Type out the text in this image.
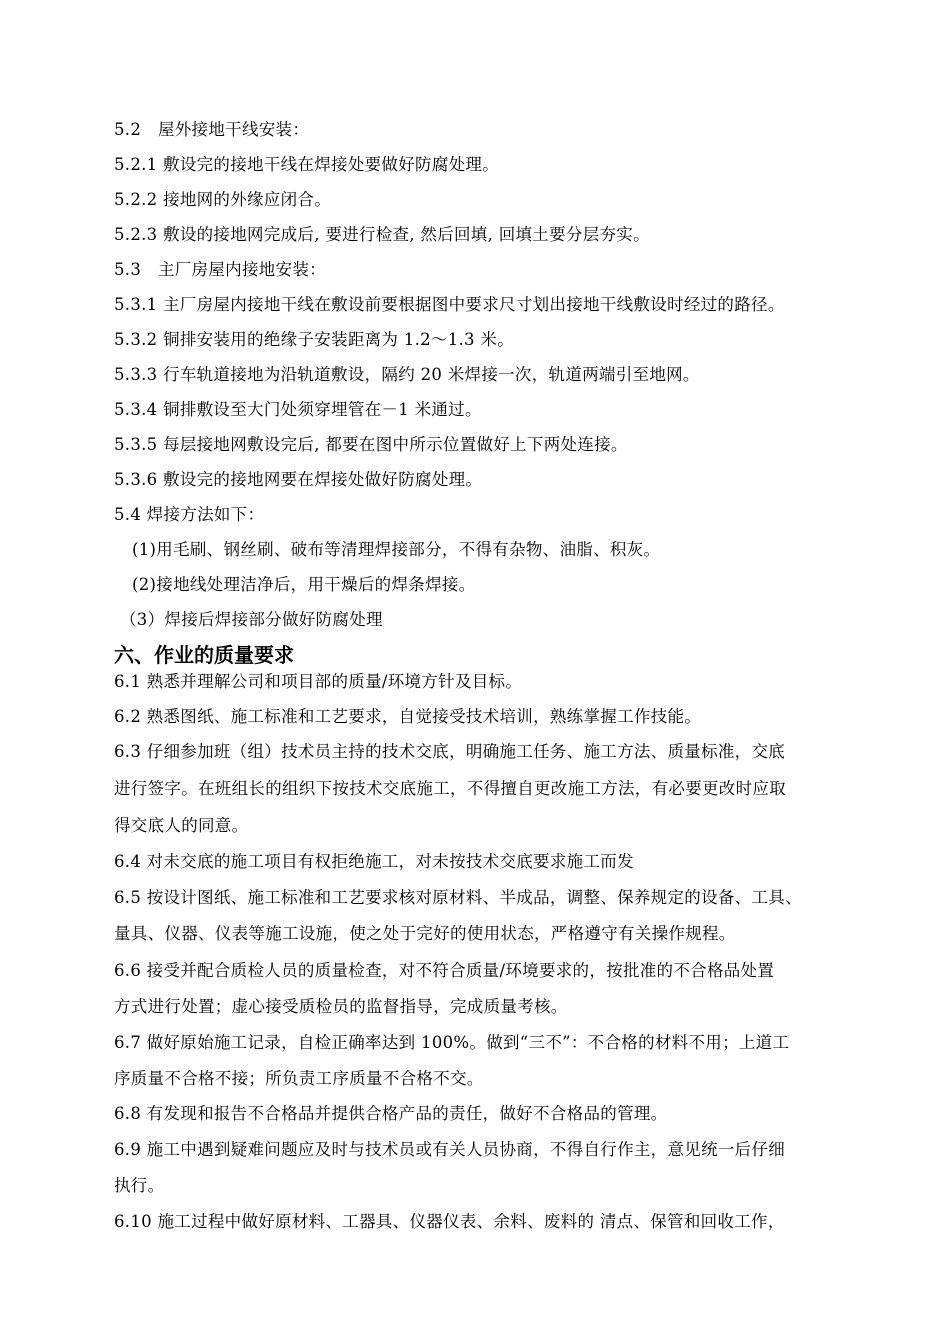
5.2　屋外接地干线安装：
5.2.1 敷设完的接地干线在焊接处要做好防腐处理。
5.2.2 接地网的外缘应闭合。
5.2.3 敷设的接地网完成后, 要进行检查, 然后回填, 回填土要分层夯实。
5.3　主厂房屋内接地安装：
5.3.1 主厂房屋内接地干线在敷设前要根据图中要求尺寸划出接地干线敷设时经过的路径。
5.3.2 铜排安装用的绝缘子安装距离为 1.2～1.3 米。
5.3.3 行车轨道接地为沿轨道敷设，隔约 20 米焊接一次，轨道两端引至地网。
5.3.4 铜排敷设至大门处须穿埋管在－1 米通过。
5.3.5 每层接地网敷设完后, 都要在图中所示位置做好上下两处连接。
5.3.6 敷设完的接地网要在焊接处做好防腐处理。
5.4 焊接方法如下：
(1)用毛刷、钢丝刷、破布等清理焊接部分，不得有杂物、油脂、积灰。
(2)接地线处理洁净后，用干燥后的焊条焊接。
（3）焊接后焊接部分做好防腐处理
六、作业的质量要求
6.1 熟悉并理解公司和项目部的质量/环境方针及目标。
6.2 熟悉图纸、施工标准和工艺要求，自觉接受技术培训，熟练掌握工作技能。
6.3 仔细参加班（组）技术员主持的技术交底，明确施工任务、施工方法、质量标准，交底
进行签字。在班组长的组织下按技术交底施工，不得擅自更改施工方法，有必要更改时应取
得交底人的同意。
6.4 对未交底的施工项目有权拒绝施工，对未按技术交底要求施工而发
6.5 按设计图纸、施工标准和工艺要求核对原材料、半成品，调整、保养规定的设备、工具、
量具、仪器、仪表等施工设施，使之处于完好的使用状态，严格遵守有关操作规程。
6.6 接受并配合质检人员的质量检查，对不符合质量/环境要求的，按批准的不合格品处置
方式进行处置；虚心接受质检员的监督指导，完成质量考核。
6.7 做好原始施工记录，自检正确率达到 100%。做到“三不”：不合格的材料不用；上道工
序质量不合格不接；所负责工序质量不合格不交。
6.8 有发现和报告不合格品并提供合格产品的责任，做好不合格品的管理。
6.9 施工中遇到疑难问题应及时与技术员或有关人员协商，不得自行作主，意见统一后仔细
执行。
6.10 施工过程中做好原材料、工器具、仪器仪表、余料、废料的 清点、保管和回收工作，
